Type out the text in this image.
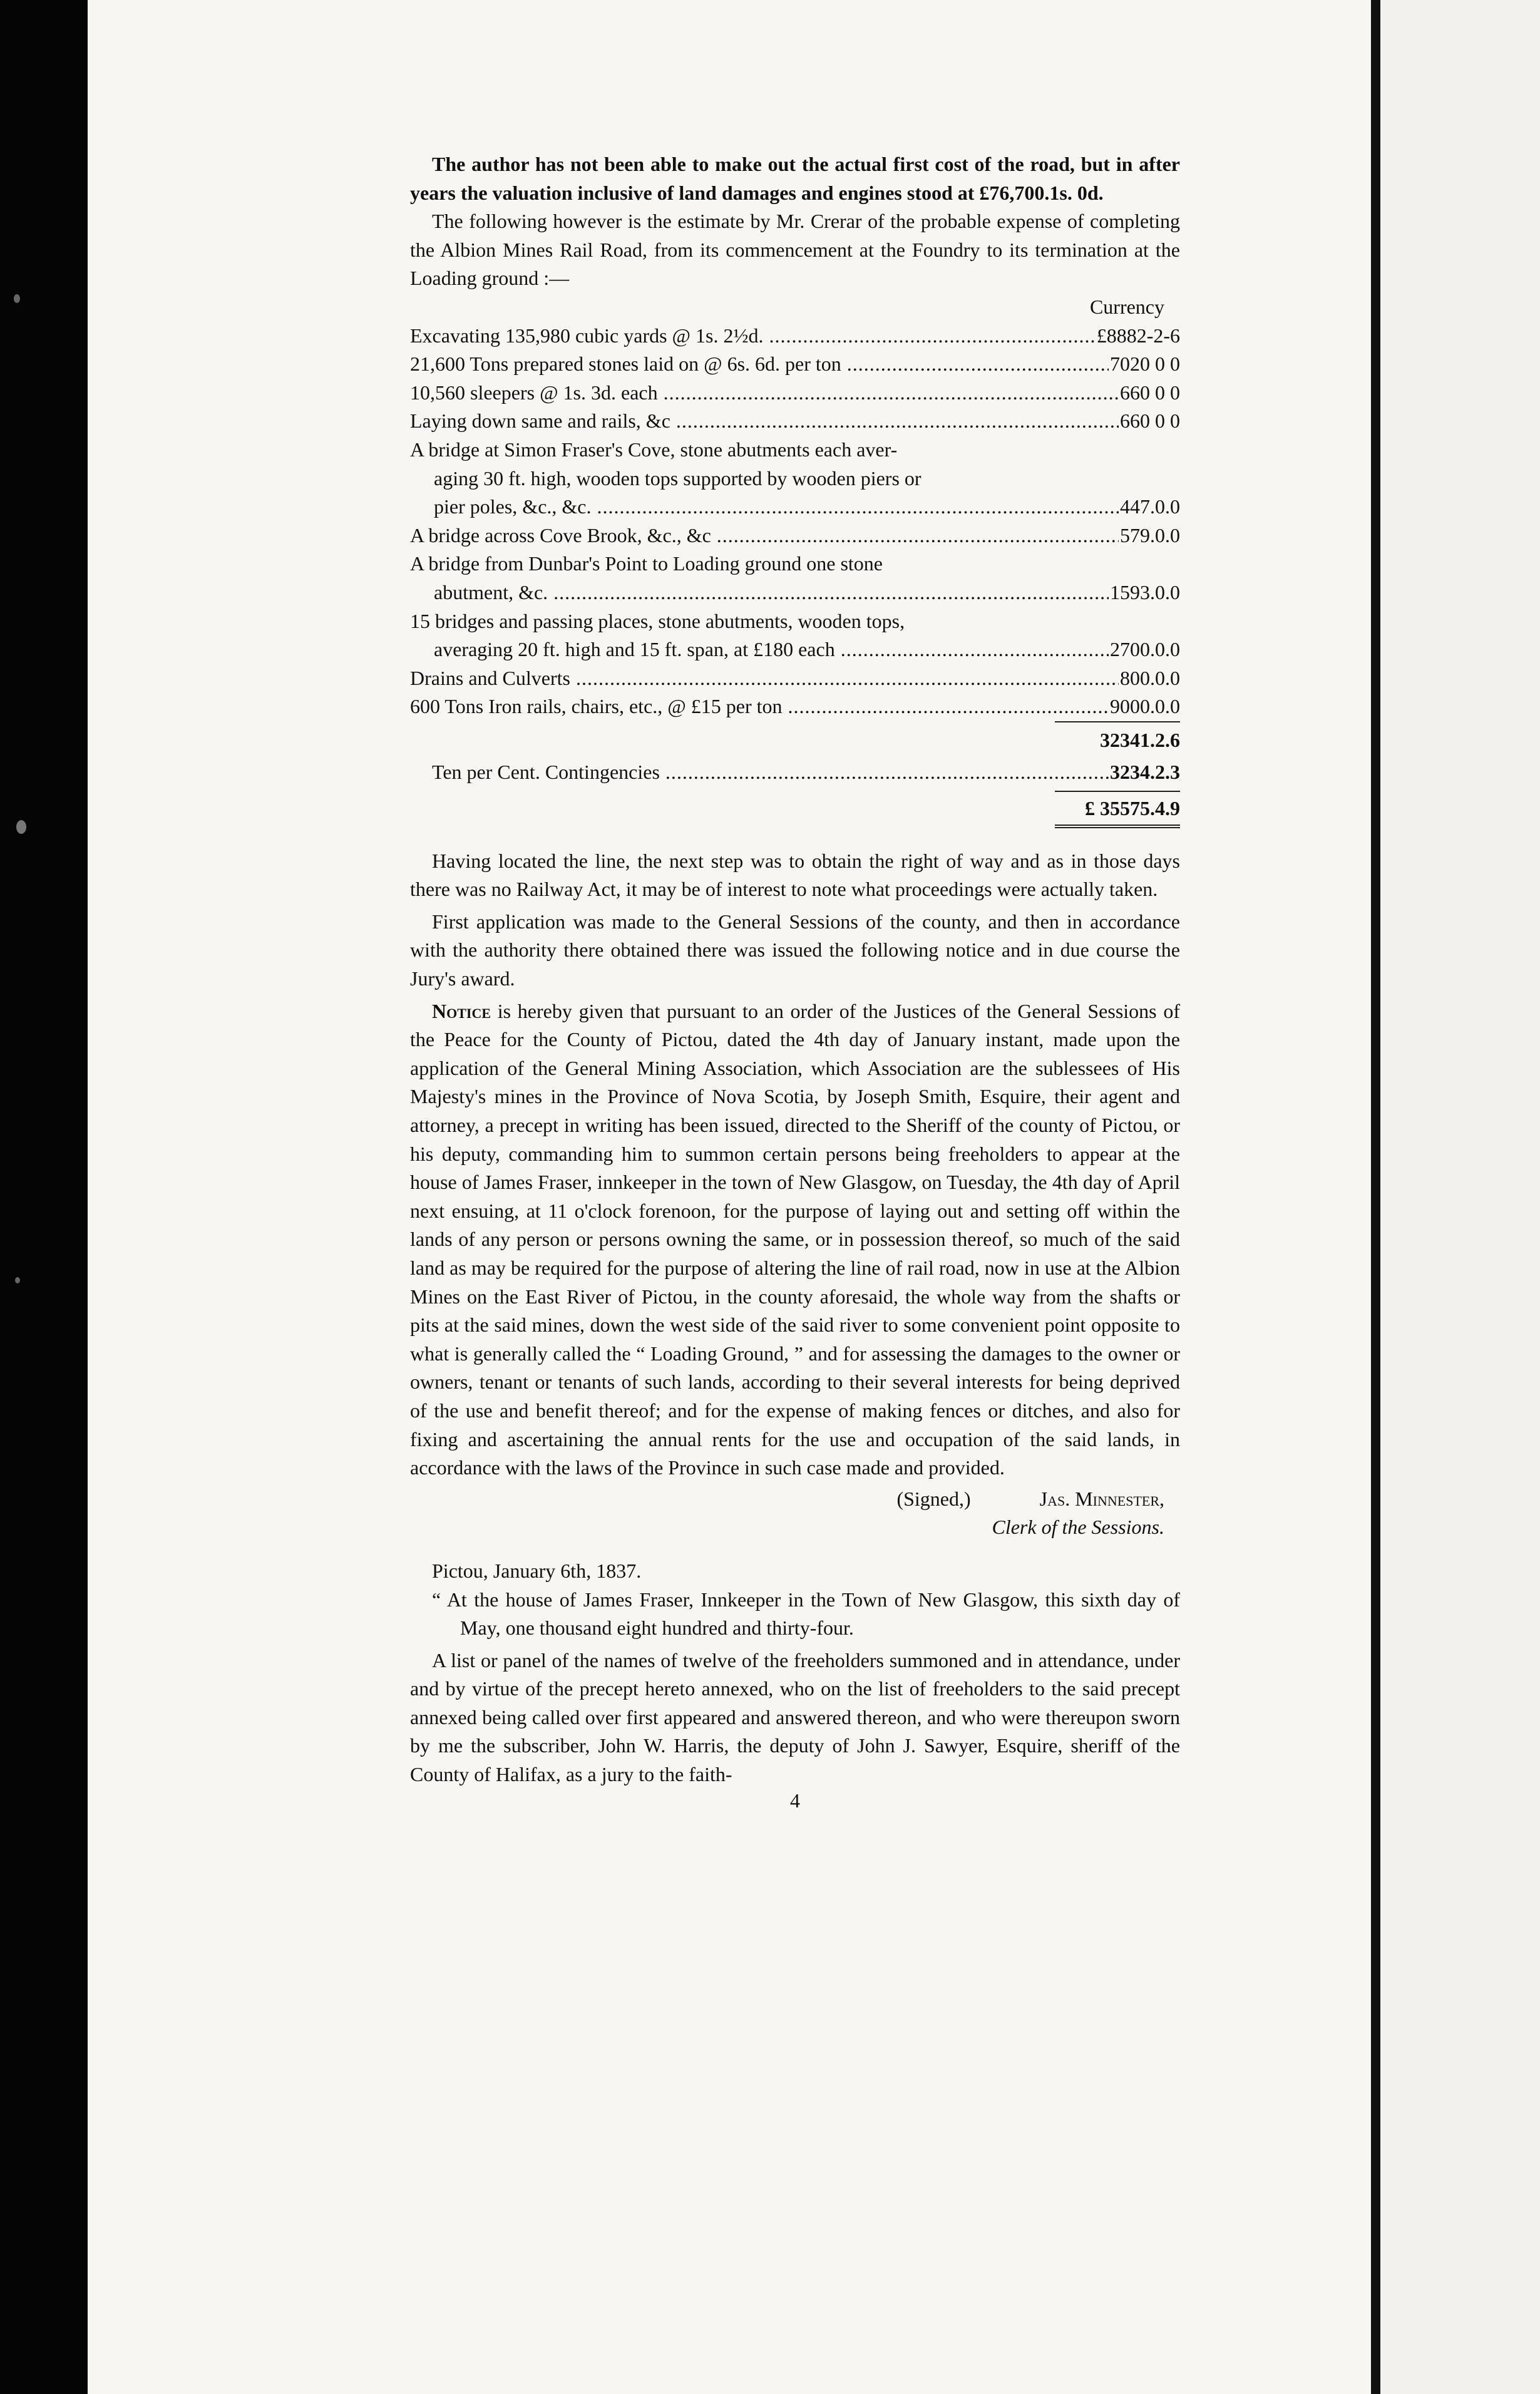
The author has not been able to make out the actual first cost of the road, but in after years the valuation inclusive of land damages and engines stood at £76,700.1s. 0d.

The following however is the estimate by Mr. Crerar of the probable expense of completing the Albion Mines Rail Road, from its commencement at the Foundry to its termination at the Loading ground :—

Currency
Excavating 135,980 cubic yards @ 1s. 2½d. .....	£8882-2-6
21,600 Tons prepared stones laid on @ 6s. 6d. per ton .....	7020 0 0
10,560 sleepers @ 1s. 3d. each .....	660 0 0
Laying down same and rails, &c .....	660 0 0
A bridge at Simon Fraser's Cove, stone abutments each aver-
aging 30 ft. high, wooden tops supported by wooden piers or
pier poles, &c., &c. .....	447.0.0
A bridge across Cove Brook, &c., &c .....	579.0.0
A bridge from Dunbar's Point to Loading ground one stone
abutment, &c. .....	1593.0.0
15 bridges and passing places, stone abutments, wooden tops,
averaging 20 ft. high and 15 ft. span, at £180 each .....	2700.0.0
Drains and Culverts .....	800.0.0
600 Tons Iron rails, chairs, etc., @ £15 per ton .....	9000.0.0
32341.2.6
Ten per Cent. Contingencies .....	3234.2.3
£ 35575.4.9

Having located the line, the next step was to obtain the right of way and as in those days there was no Railway Act, it may be of interest to note what proceedings were actually taken.

First application was made to the General Sessions of the county, and then in accordance with the authority there obtained there was issued the following notice and in due course the Jury's award.

Notice is hereby given that pursuant to an order of the Justices of the General Sessions of the Peace for the County of Pictou, dated the 4th day of January instant, made upon the application of the General Mining Association, which Association are the sublessees of His Majesty's mines in the Province of Nova Scotia, by Joseph Smith, Esquire, their agent and attorney, a precept in writing has been issued, directed to the Sheriff of the county of Pictou, or his deputy, commanding him to summon certain persons being freeholders to appear at the house of James Fraser, innkeeper in the town of New Glasgow, on Tuesday, the 4th day of April next ensuing, at 11 o'clock forenoon, for the purpose of laying out and setting off within the lands of any person or persons owning the same, or in possession thereof, so much of the said land as may be required for the purpose of altering the line of rail road, now in use at the Albion Mines on the East River of Pictou, in the county aforesaid, the whole way from the shafts or pits at the said mines, down the west side of the said river to some convenient point opposite to what is generally called the “ Loading Ground, ” and for assessing the damages to the owner or owners, tenant or tenants of such lands, according to their several interests for being deprived of the use and benefit thereof; and for the expense of making fences or ditches, and also for fixing and ascertaining the annual rents for the use and occupation of the said lands, in accordance with the laws of the Province in such case made and provided.

(Signed,)	Jas. Minnester,
Clerk of the Sessions.
Pictou, January 6th, 1837.

“ At the house of James Fraser, Innkeeper in the Town of New Glasgow, this sixth day of May, one thousand eight hundred and thirty-four.

A list or panel of the names of twelve of the freeholders summoned and in attendance, under and by virtue of the precept hereto annexed, who on the list of freeholders to the said precept annexed being called over first appeared and answered thereon, and who were thereupon sworn by me the subscriber, John W. Harris, the deputy of John J. Sawyer, Esquire, sheriff of the County of Halifax, as a jury to the faith-

4
